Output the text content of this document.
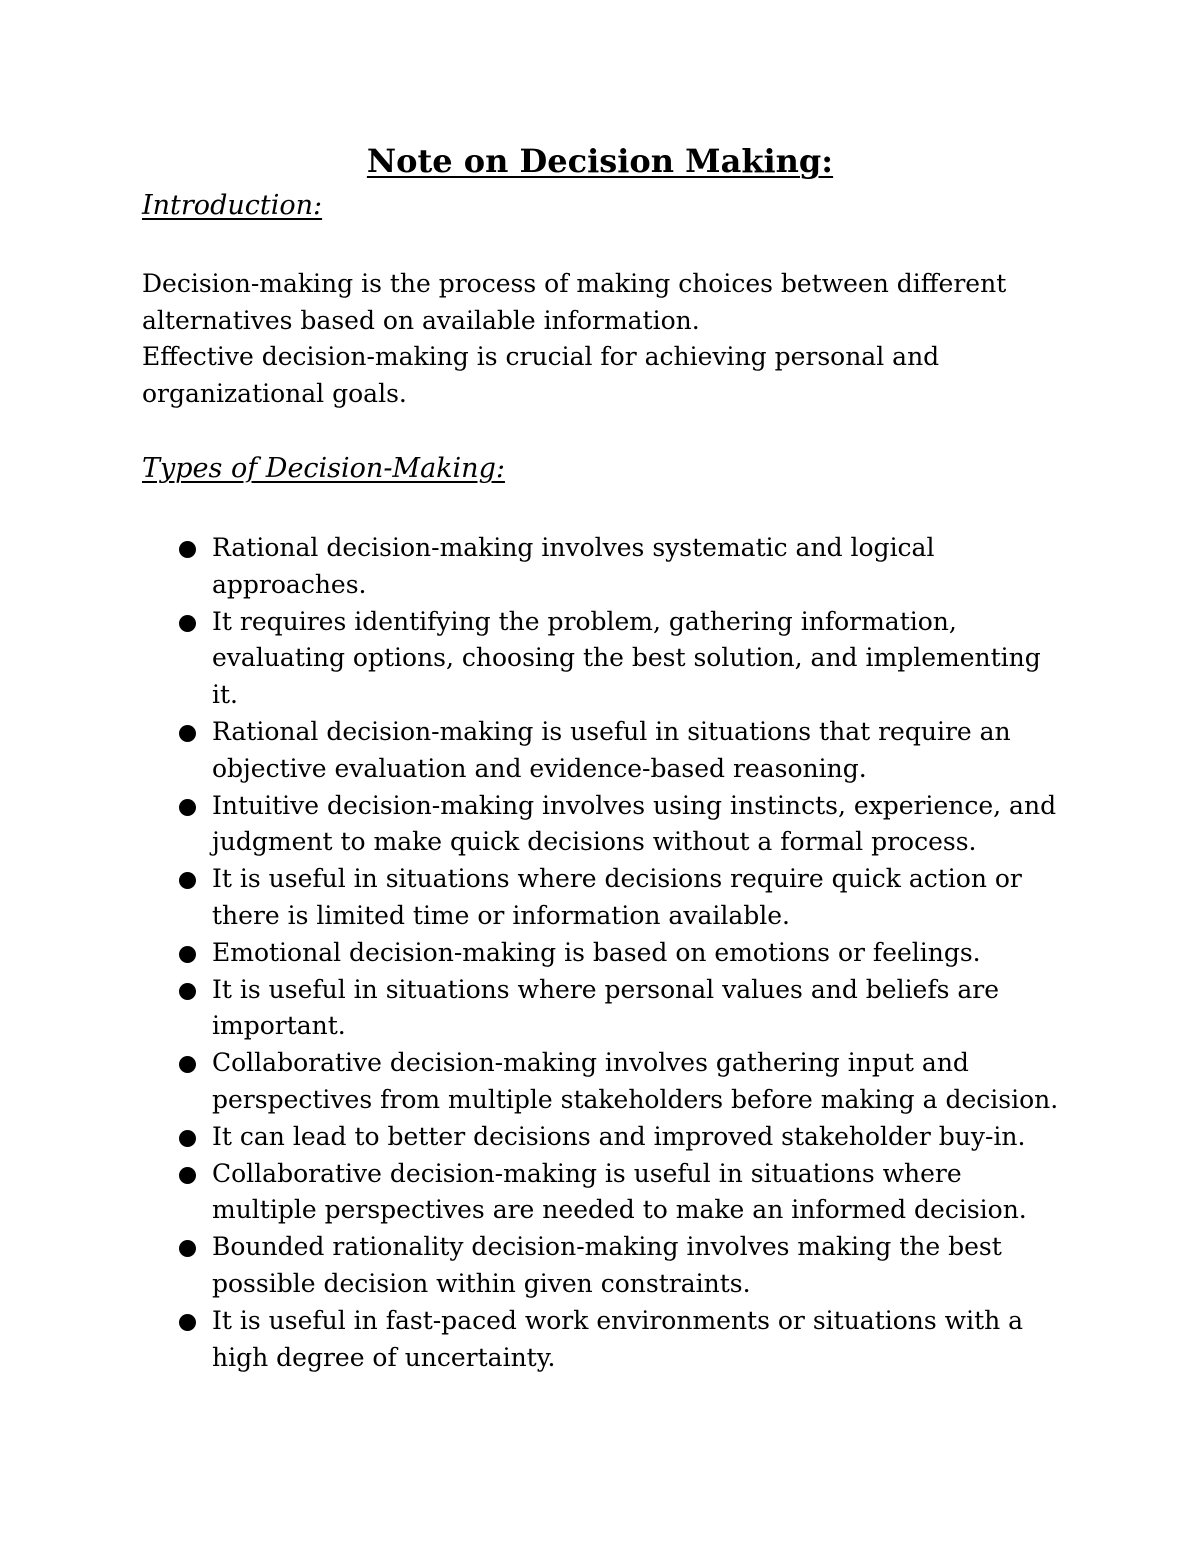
Note on Decision Making:
Introduction:
Decision-making is the process of making choices between different alternatives based on available information.
Effective decision-making is crucial for achieving personal and organizational goals.
Types of Decision-Making:
Rational decision-making involves systematic and logical approaches.
It requires identifying the problem, gathering information, evaluating options, choosing the best solution, and implementing it.
Rational decision-making is useful in situations that require an objective evaluation and evidence-based reasoning.
Intuitive decision-making involves using instincts, experience, and judgment to make quick decisions without a formal process.
It is useful in situations where decisions require quick action or there is limited time or information available.
Emotional decision-making is based on emotions or feelings.
It is useful in situations where personal values and beliefs are important.
Collaborative decision-making involves gathering input and perspectives from multiple stakeholders before making a decision.
It can lead to better decisions and improved stakeholder buy-in.
Collaborative decision-making is useful in situations where multiple perspectives are needed to make an informed decision.
Bounded rationality decision-making involves making the best possible decision within given constraints.
It is useful in fast-paced work environments or situations with a high degree of uncertainty.
